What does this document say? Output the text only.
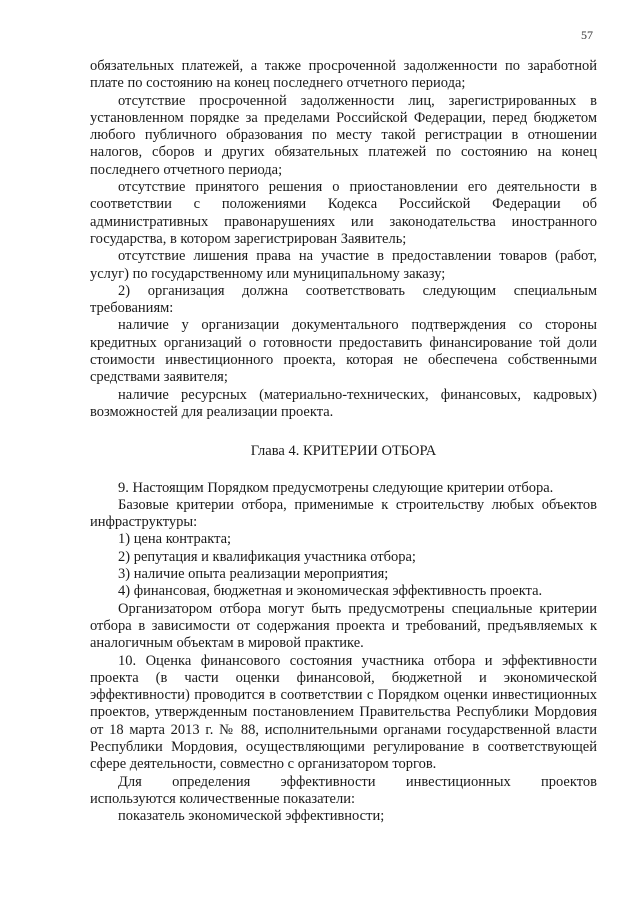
57

обязательных платежей, а также просроченной задолженности по заработной плате по состоянию на конец последнего отчетного периода;

отсутствие просроченной задолженности лиц, зарегистрированных в установленном порядке за пределами Российской Федерации, перед бюджетом любого публичного образования по месту такой регистрации в отношении налогов, сборов и других обязательных платежей по состоянию на конец последнего отчетного периода;

отсутствие принятого решения о приостановлении его деятельности в соответствии с положениями Кодекса Российской Федерации об административных правонарушениях или законодательства иностранного государства, в котором зарегистрирован Заявитель;

отсутствие лишения права на участие в предоставлении товаров (работ, услуг) по государственному или муниципальному заказу;

2) организация должна соответствовать следующим специальным требованиям:

наличие у организации документального подтверждения со стороны кредитных организаций о готовности предоставить финансирование той доли стоимости инвестиционного проекта, которая не обеспечена собственными средствами заявителя;

наличие ресурсных (материально-технических, финансовых, кадровых) возможностей для реализации проекта.

Глава 4. КРИТЕРИИ ОТБОРА

9. Настоящим Порядком предусмотрены следующие критерии отбора.

Базовые критерии отбора, применимые к строительству любых объектов инфраструктуры:

1) цена контракта;

2) репутация и квалификация участника отбора;

3) наличие опыта реализации мероприятия;

4) финансовая, бюджетная и экономическая эффективность проекта.

Организатором отбора могут быть предусмотрены специальные критерии отбора в зависимости от содержания проекта и требований, предъявляемых к аналогичным объектам в мировой практике.

10. Оценка финансового состояния участника отбора и эффективности проекта (в части оценки финансовой, бюджетной и экономической эффективности) проводится в соответствии с Порядком оценки инвестиционных проектов, утвержденным постановлением Правительства Республики Мордовия от 18 марта 2013 г. № 88, исполнительными органами государственной власти Республики Мордовия, осуществляющими регулирование в соответствующей сфере деятельности, совместно с организатором торгов.

Для определения эффективности инвестиционных проектов

используются количественные показатели:

показатель экономической эффективности;
